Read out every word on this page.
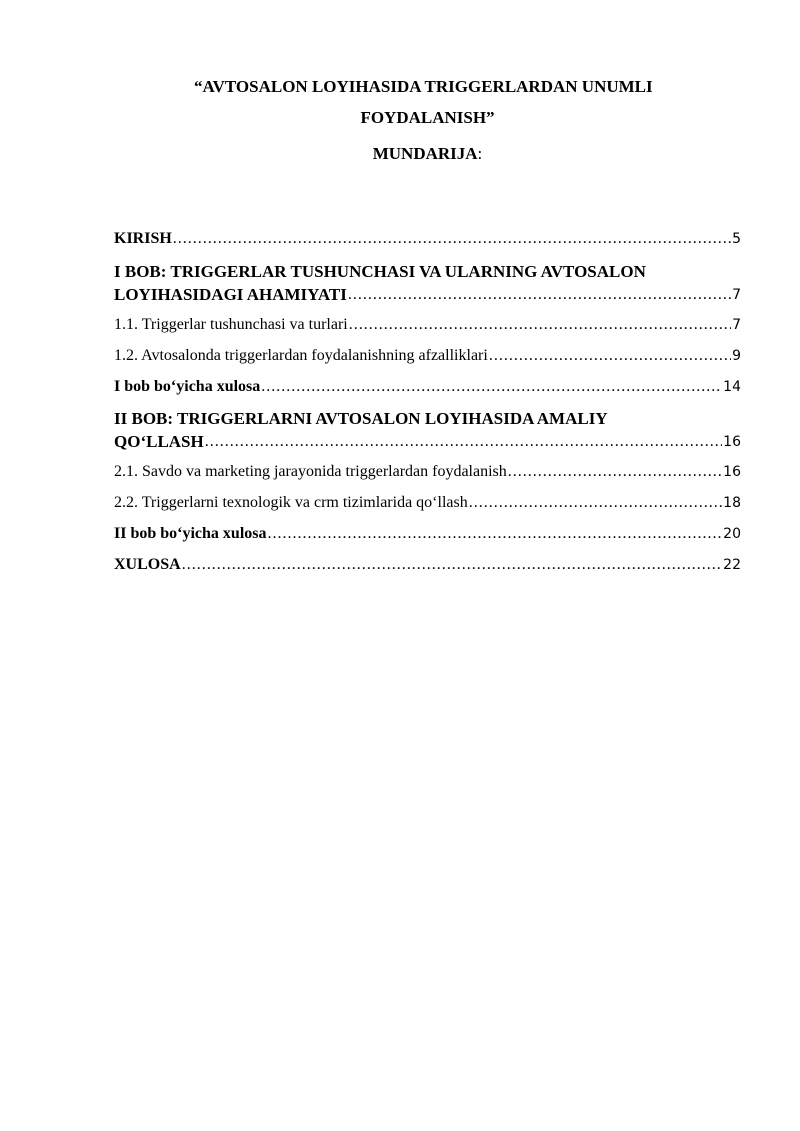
“AVTOSALON LOYIHASIDA TRIGGERLARDAN UNUMLI
FOYDALANISH”
MUNDARIJA:
KIRISH .....	5
I BOB: TRIGGERLAR TUSHUNCHASI VA ULARNING AVTOSALON
LOYIHASIDAGI AHAMIYATI .....	7
1.1. Triggerlar tushunchasi va turlari .....	7
1.2. Avtosalonda triggerlardan foydalanishning afzalliklari .....	9
I bob bo‘yicha xulosa .....	14
II BOB: TRIGGERLARNI AVTOSALON LOYIHASIDA AMALIY
QO‘LLASH .....	16
2.1. Savdo va marketing jarayonida triggerlardan foydalanish .....	16
2.2. Triggerlarni texnologik va crm tizimlarida qo‘llash .....	18
II bob bo‘yicha xulosa .....	20
XULOSA .....	22
